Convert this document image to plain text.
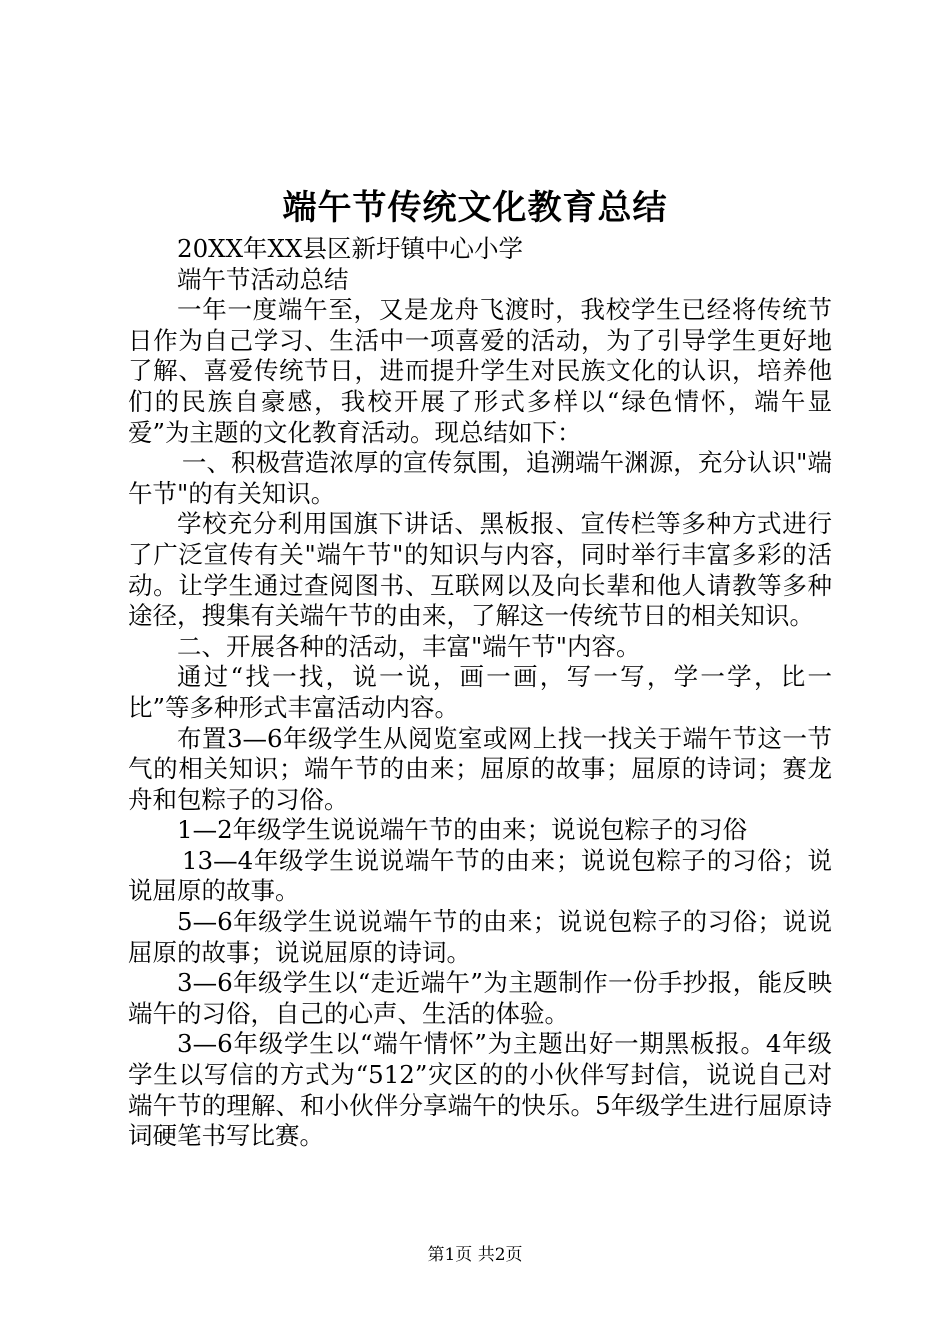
端午节传统文化教育总结

20XX年XX县区新圩镇中心小学

端午节活动总结

一年一度端午至，又是龙舟飞渡时，我校学生已经将传统节日作为自己学习、生活中一项喜爱的活动，为了引导学生更好地了解、喜爱传统节日，进而提升学生对民族文化的认识，培养他们的民族自豪感，我校开展了形式多样以“绿色情怀，端午显爱”为主题的文化教育活动。现总结如下：

一、积极营造浓厚的宣传氛围，追溯端午渊源，充分认识"端午节"的有关知识。

学校充分利用国旗下讲话、黑板报、宣传栏等多种方式进行了广泛宣传有关"端午节"的知识与内容，同时举行丰富多彩的活动。让学生通过查阅图书、互联网以及向长辈和他人请教等多种途径，搜集有关端午节的由来，了解这一传统节日的相关知识。

二、开展各种的活动，丰富"端午节"内容。

通过“找一找，说一说，画一画，写一写，学一学，比一比”等多种形式丰富活动内容。

布置3—6年级学生从阅览室或网上找一找关于端午节这一节气的相关知识；端午节的由来；屈原的故事；屈原的诗词；赛龙舟和包粽子的习俗。

1—2年级学生说说端午节的由来；说说包粽子的习俗

13—4年级学生说说端午节的由来；说说包粽子的习俗；说说屈原的故事。

5—6年级学生说说端午节的由来；说说包粽子的习俗；说说屈原的故事；说说屈原的诗词。

3—6年级学生以“走近端午”为主题制作一份手抄报，能反映端午的习俗，自己的心声、生活的体验。

3—6年级学生以“端午情怀”为主题出好一期黑板报。4年级学生以写信的方式为“512”灾区的的小伙伴写封信，说说自己对端午节的理解、和小伙伴分享端午的快乐。5年级学生进行屈原诗词硬笔书写比赛。

第1页 共2页
